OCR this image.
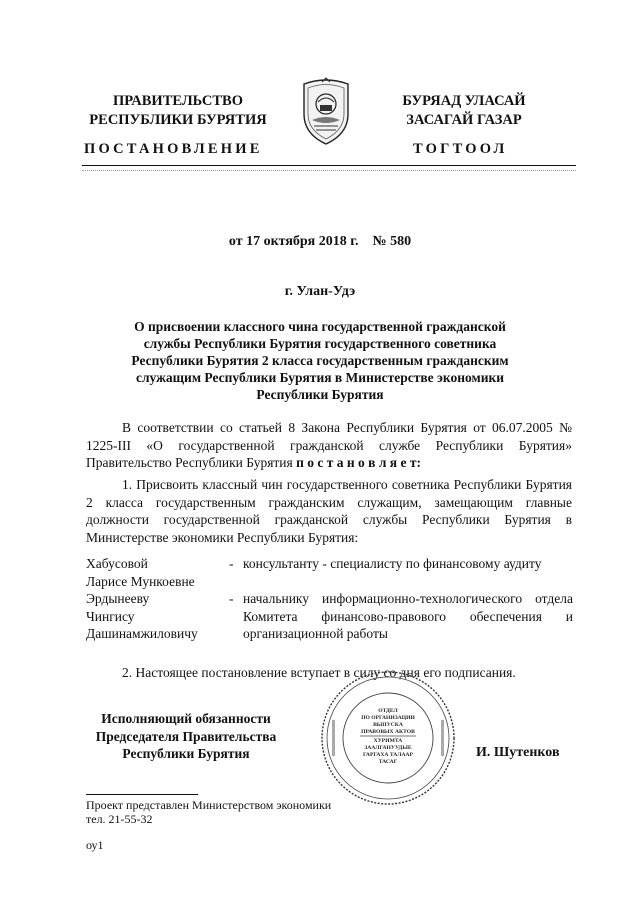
ПРАВИТЕЛЬСТВО
РЕСПУБЛИКИ БУРЯТИЯ
БУРЯАД УЛАСАЙ
ЗАСАГАЙ ГАЗАР
ПОСТАНОВЛЕНИЕ	ТОГТООЛ
от 17 октября 2018 г.    № 580
г. Улан-Удэ
О присвоении классного чина государственной гражданской
службы Республики Бурятия государственного советника
Республики Бурятия 2 класса государственным гражданским
служащим Республики Бурятия в Министерстве экономики
Республики Бурятия
В соответствии со статьей 8 Закона Республики Бурятия от 06.07.2005 № 1225-III «О государственной гражданской службе Республики Бурятия» Правительство Республики Бурятия п о с т а н о в л я е т:
1. Присвоить классный чин государственного советника Республики Бурятия 2 класса государственным гражданским служащим, замещающим главные должности государственной гражданской службы Республики Бурятия в Министерстве экономики Республики Бурятия:
Хабусовой
Ларисе Мункоевне
- консультанту - специалисту по финансовому аудиту
Эрдынееву
Чингису
Дашинамжиловичу
- начальнику информационно-технологического отдела Комитета финансово-правового обеспечения и организационной работы
2. Настоящее постановление вступает в силу со дня его подписания.
Исполняющий обязанности
Председателя Правительства
Республики Бурятия
ОТДЕЛ
ПО ОРГАНИЗАЦИИ
ВЫПУСКА
ПРАВОВЫХ АКТОВ
ХУРИМТА
ЗААЛГАНУУДЫЕ
ГАРГАХА ТАЛААР
ТАСАГ
И. Шутенков
Проект представлен Министерством экономики
тел. 21-55-32
оу1
